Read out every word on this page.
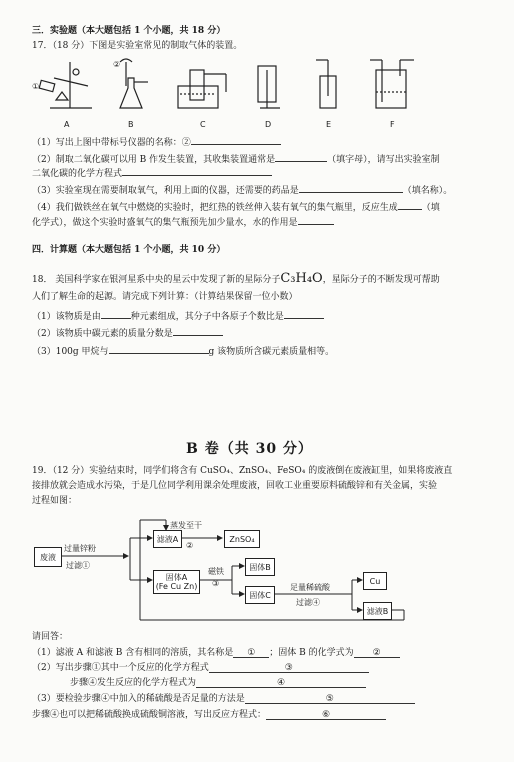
三．实验题（本大题包括 1 个小题，共 18 分）
17．（18 分）下图是实验室常见的制取气体的装置。
①
②
A	B	C	D	E	F
（1）写出上图中带标号仪器的名称：②
（2）制取二氧化碳可以用 B 作发生装置，其收集装置通常是	（填字母），请写出实验室制
二氧化碳的化学方程式
（3）实验室现在需要制取氧气，利用上面的仪器，还需要的药品是	（填名称）。
（4）我们做铁丝在氧气中燃烧的实验时，把红热的铁丝伸入装有氧气的集气瓶里，反应生成	（填
化学式），做这个实验时盛氧气的集气瓶预先加少量水，水的作用是
四．计算题（本大题包括 1 个小题，共 10 分）
18． 美国科学家在银河星系中央的星云中发现了新的星际分子C₃H₄O，星际分子的不断发现可帮助
人们了解生命的起源。请完成下列计算：（计算结果保留一位小数）
（1）该物质是由	种元素组成，其分子中各原子个数比是
（2）该物质中碳元素的质量分数是
（3）100g 甲烷与	g 该物质所含碳元素质量相等。
B 卷（共 30 分）
19．（12 分）实验结束时，同学们将含有 CuSO₄、ZnSO₄、FeSO₄ 的废液倒在废液缸里，如果将废液直
接排放就会造成水污染，于是几位同学利用课余处理废液，回收工业重要原料硫酸锌和有关金属，实验
过程如图：
废液
过量锌粉
过滤①
滤液A
蒸发至干
②
ZnSO₄
固体A
(Fe Cu Zn)
磁铁
③
固体B
固体C
足量稀硫酸
过滤④
Cu
滤液B
请回答：
（1）滤液 A 和滤液 B 含有相同的溶质，其名称是 ① ；固体 B 的化学式为 ②
（2）写出步骤①其中一个反应的化学方程式	③
步骤④发生反应的化学方程式为	④
（3）要检验步骤④中加入的稀硫酸是否足量的方法是	⑤
步骤④也可以把稀硫酸换成硫酸铜溶液，写出反应方程式：	⑥
